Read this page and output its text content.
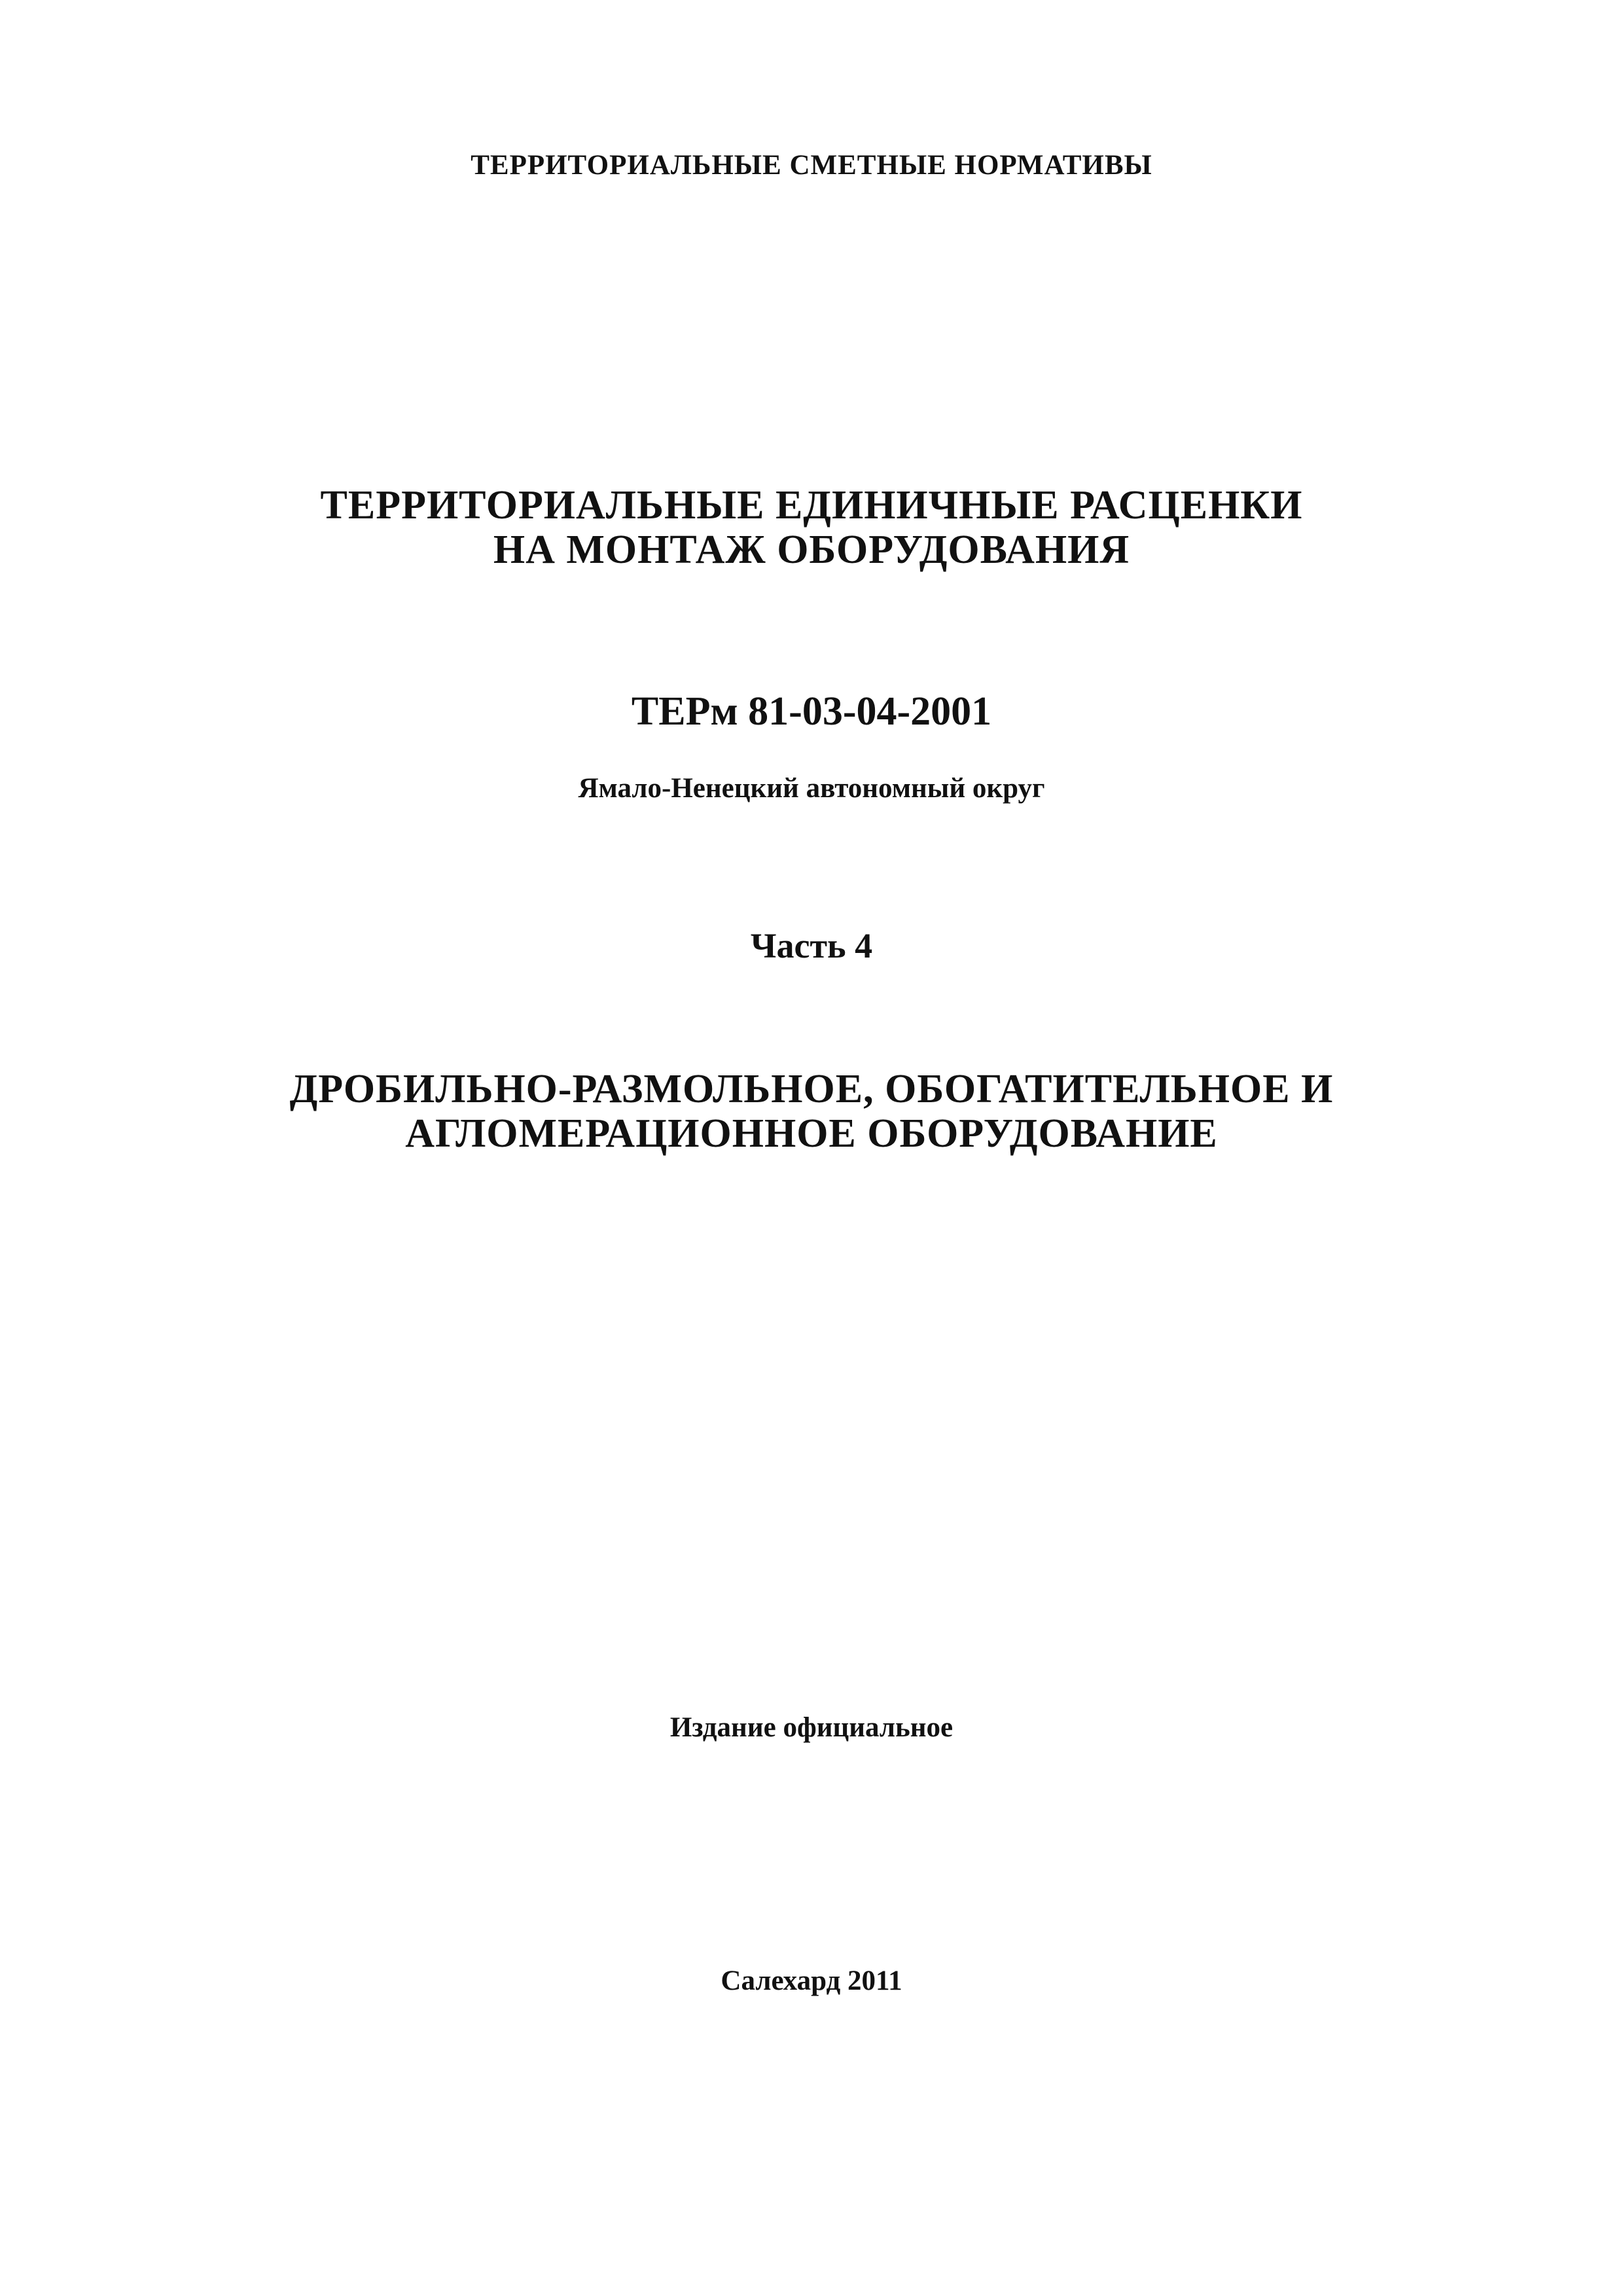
ТЕРРИТОРИАЛЬНЫЕ СМЕТНЫЕ НОРМАТИВЫ

ТЕРРИТОРИАЛЬНЫЕ ЕДИНИЧНЫЕ РАСЦЕНКИ
НА МОНТАЖ ОБОРУДОВАНИЯ

ТЕРм 81-03-04-2001

Ямало-Ненецкий автономный округ

Часть 4

ДРОБИЛЬНО-РАЗМОЛЬНОЕ, ОБОГАТИТЕЛЬНОЕ И
АГЛОМЕРАЦИОННОЕ ОБОРУДОВАНИЕ

Издание официальное

Салехард 2011
